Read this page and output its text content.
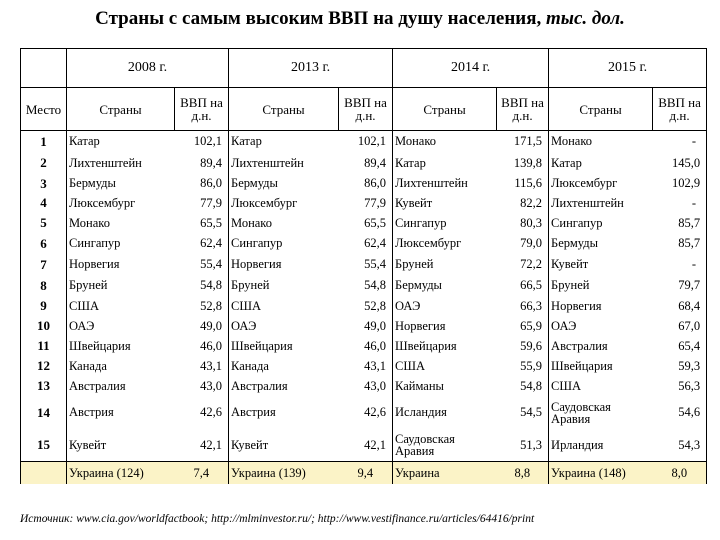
Страны с самым высоким ВВП на душу населения, тыс. дол.
	2008 г.		2013 г.		2014 г.		2015 г.	
Место	Страны	ВВП на д.н.	Страны	ВВП на д.н.	Страны	ВВП на д.н.	Страны	ВВП на д.н.
1	Катар	102,1	Катар	102,1	Монако	171,5	Монако	-
2	Лихтенштейн	89,4	Лихтенштейн	89,4	Катар	139,8	Катар	145,0
3	Бермуды	86,0	Бермуды	86,0	Лихтенштейн	115,6	Люксембург	102,9
4	Люксембург	77,9	Люксембург	77,9	Кувейт	82,2	Лихтенштейн	-
5	Монако	65,5	Монако	65,5	Сингапур	80,3	Сингапур	85,7
6	Сингапур	62,4	Сингапур	62,4	Люксембург	79,0	Бермуды	85,7
7	Норвегия	55,4	Норвегия	55,4	Бруней	72,2	Кувейт	-
8	Бруней	54,8	Бруней	54,8	Бермуды	66,5	Бруней	79,7
9	США	52,8	США	52,8	ОАЭ	66,3	Норвегия	68,4
10	ОАЭ	49,0	ОАЭ	49,0	Норвегия	65,9	ОАЭ	67,0
11	Швейцария	46,0	Швейцария	46,0	Швейцария	59,6	Австралия	65,4
12	Канада	43,1	Канада	43,1	США	55,9	Швейцария	59,3
13	Австралия	43,0	Австралия	43,0	Кайманы	54,8	США	56,3
14	Австрия	42,6	Австрия	42,6	Исландия	54,5	Саудовская Аравия	54,6
15	Кувейт	42,1	Кувейт	42,1	Саудовская Аравия	51,3	Ирландия	54,3
	Украина (124)	7,4	Украина (139)	9,4	Украина	8,8	Украина (148)	8,0
Источник: www.cia.gov/worldfactbook; http://mlminvestor.ru/; http://www.vestifinance.ru/articles/64416/print
